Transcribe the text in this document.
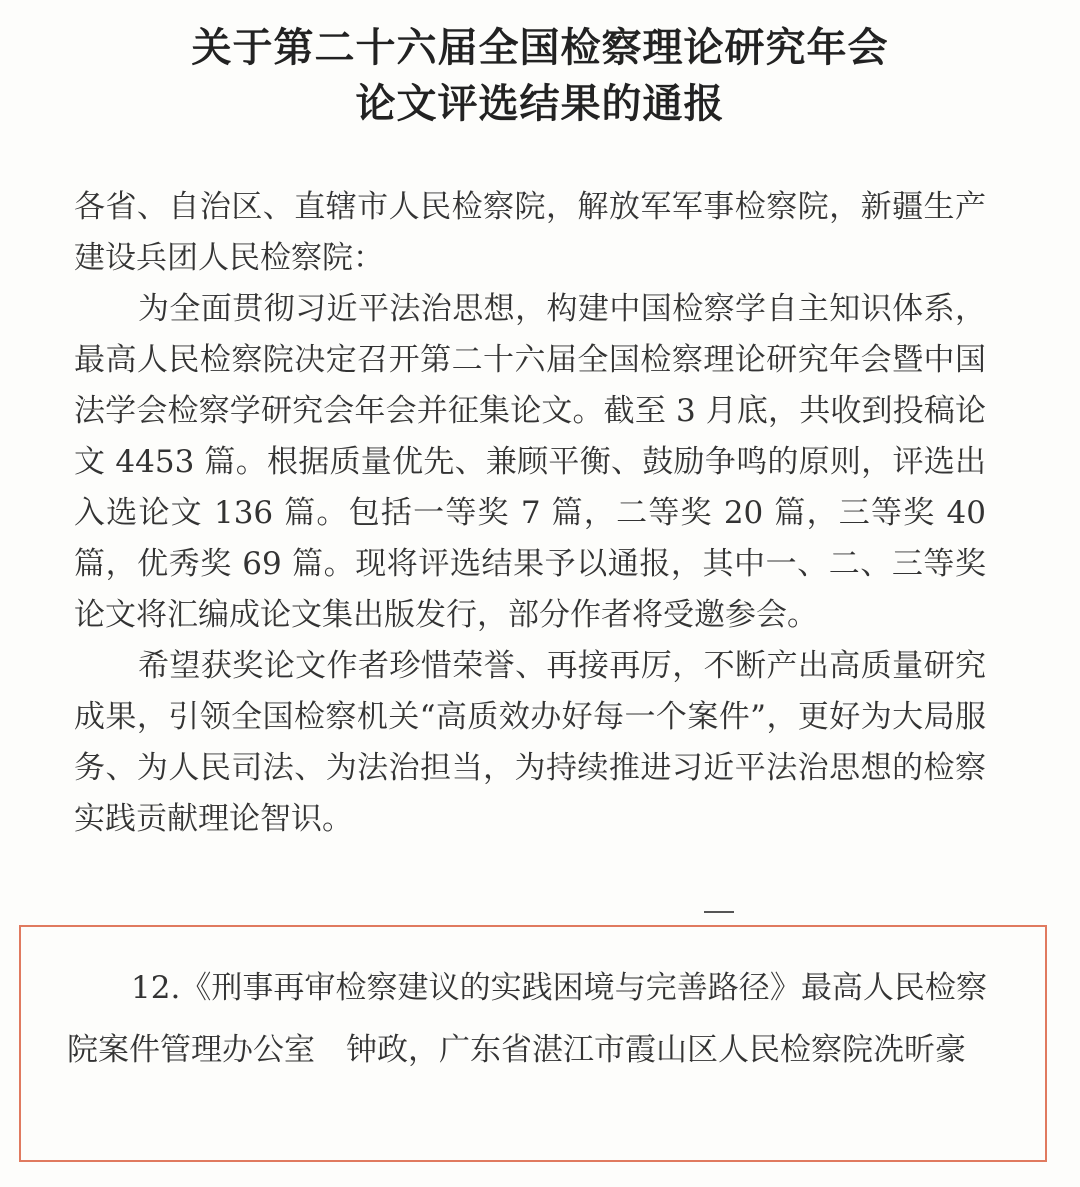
关于第二十六届全国检察理论研究年会
论文评选结果的通报
各省、自治区、直辖市人民检察院，解放军军事检察院，新疆生产建设兵团人民检察院：
为全面贯彻习近平法治思想，构建中国检察学自主知识体系，最高人民检察院决定召开第二十六届全国检察理论研究年会暨中国法学会检察学研究会年会并征集论文。截至 3 月底，共收到投稿论文 4453 篇。根据质量优先、兼顾平衡、鼓励争鸣的原则，评选出入选论文 136 篇。包括一等奖 7 篇，二等奖 20 篇，三等奖 40 篇，优秀奖 69 篇。现将评选结果予以通报，其中一、二、三等奖论文将汇编成论文集出版发行，部分作者将受邀参会。
希望获奖论文作者珍惜荣誉、再接再厉，不断产出高质量研究成果，引领全国检察机关“高质效办好每一个案件”，更好为大局服务、为人民司法、为法治担当，为持续推进习近平法治思想的检察实践贡献理论智识。
12.《刑事再审检察建议的实践困境与完善路径》最高人民检察院案件管理办公室　钟政，广东省湛江市霞山区人民检察院冼昕豪
